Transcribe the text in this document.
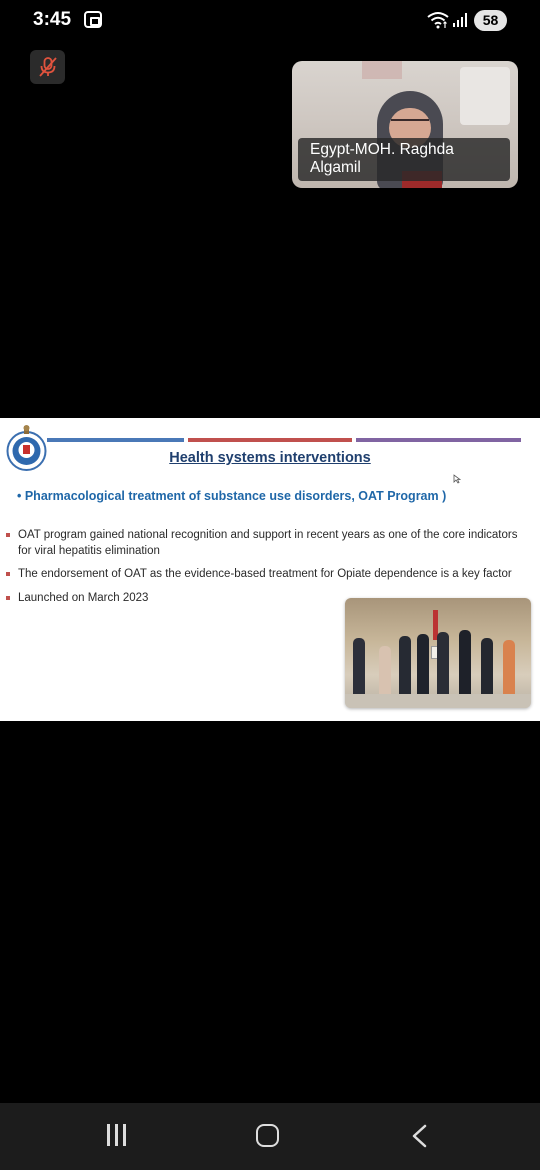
3:45	58
Egypt-MOH. Raghda
Algamil
Health systems interventions
• Pharmacological treatment of substance use disorders, OAT Program )
OAT program gained national recognition and support in recent years as one of the core indicators for viral hepatitis elimination
The endorsement of OAT as the evidence-based treatment for Opiate dependence is a key factor
Launched on March 2023
